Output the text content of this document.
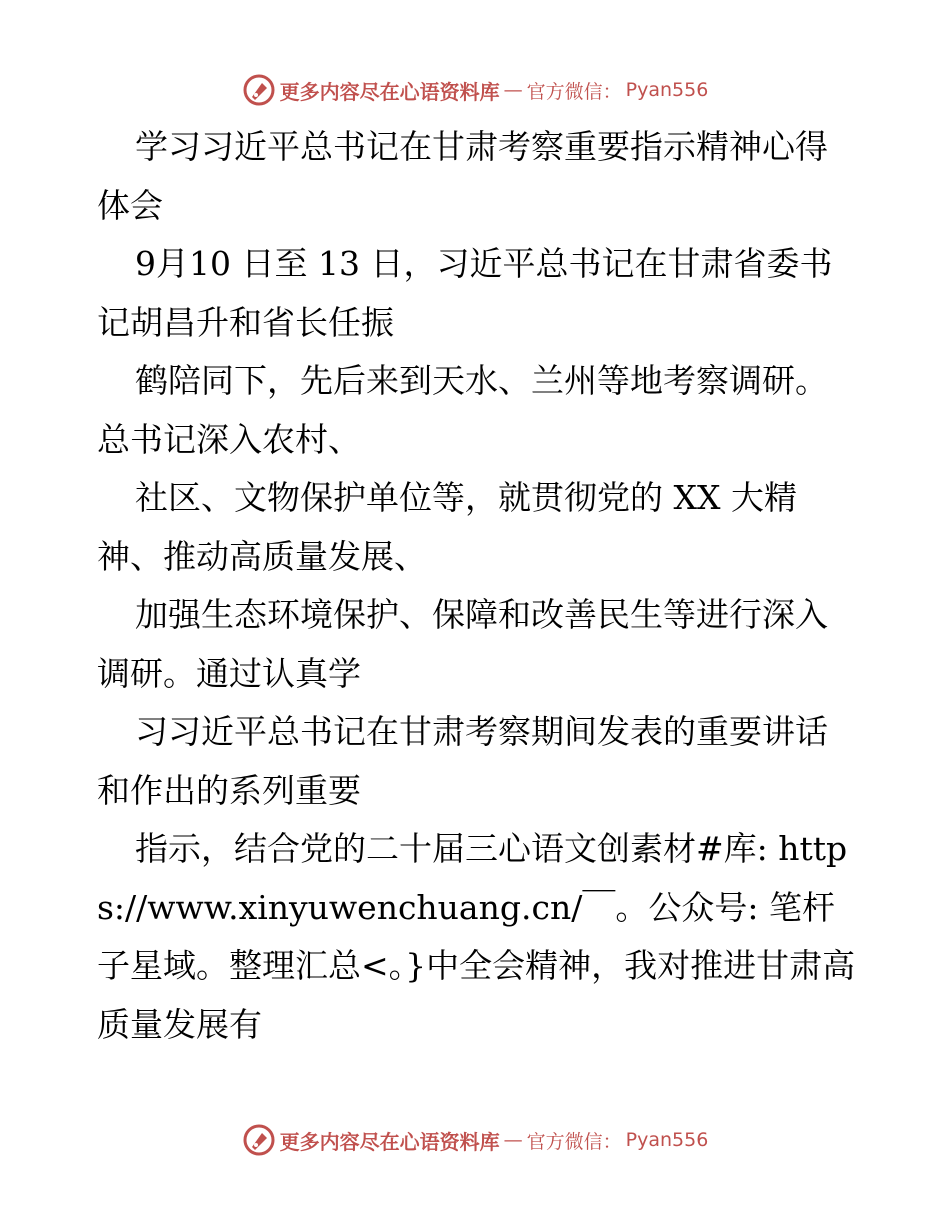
更多内容尽在心语资料库 — 官方微信： Pyan556

学习习近平总书记在甘肃考察重要指示精神心得体会

9月10 日至 13 日，习近平总书记在甘肃省委书记胡昌升和省长任振

鹤陪同下，先后来到天水、兰州等地考察调研。总书记深入农村、

社区、文物保护单位等，就贯彻党的 XX 大精神、推动高质量发展、

加强生态环境保护、保障和改善民生等进行深入调研。通过认真学

习习近平总书记在甘肃考察期间发表的重要讲话和作出的系列重要

指示，结合党的二十届三心语文创素材#库: https://www.xinyuwenchuang.cn/￣。公众号: 笔杆子星域。整理汇总<。}中全会精神，我对推进甘肃高质量发展有

更多内容尽在心语资料库 — 官方微信： Pyan556
